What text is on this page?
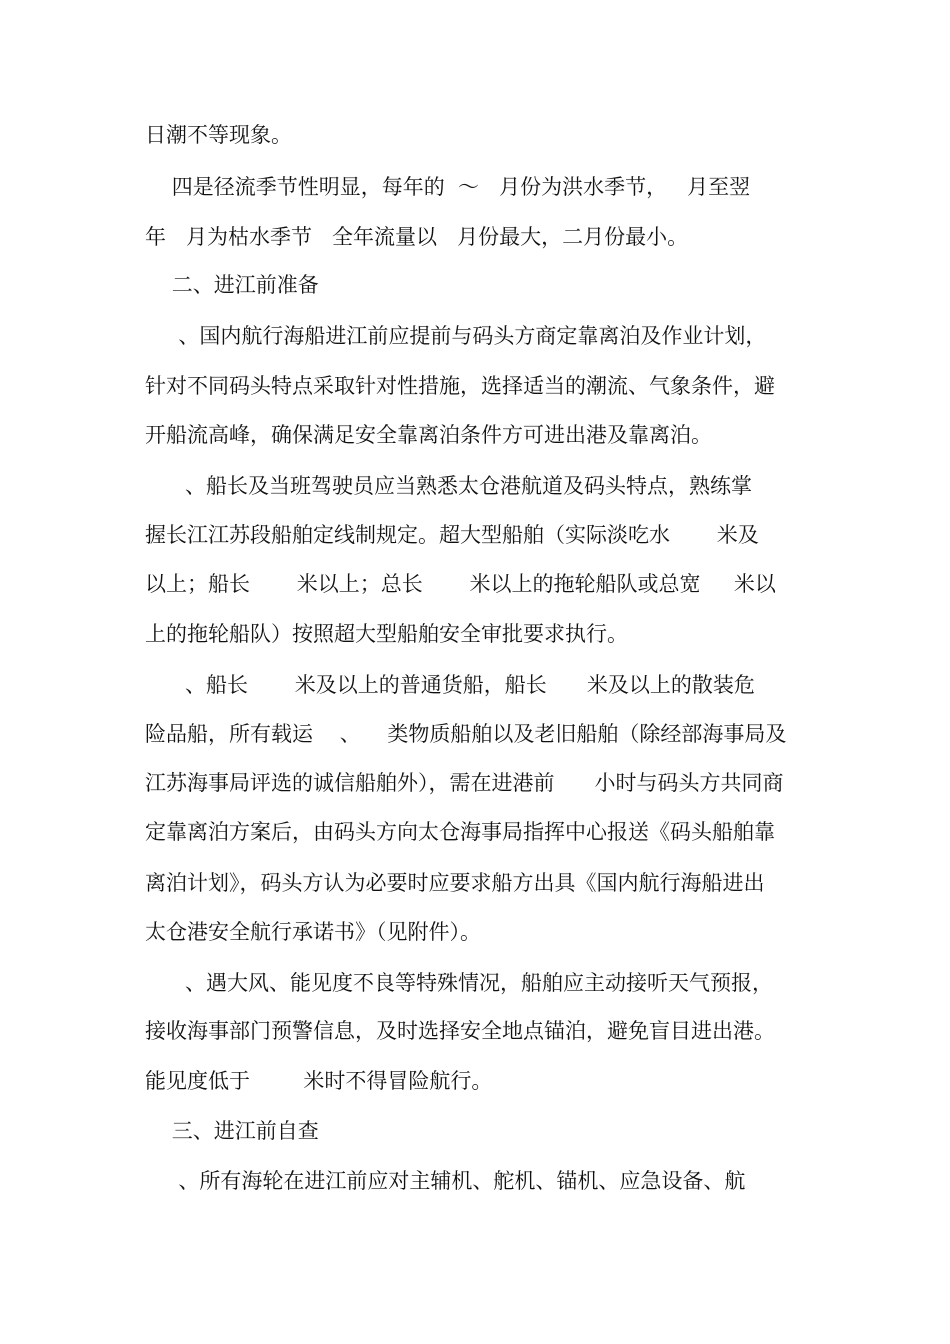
日潮不等现象。
四是径流季节性明显，每年的  ～   月份为洪水季节，   月至翌
年   月为枯水季节   全年流量以   月份最大，二月份最小。
二、进江前准备
、国内航行海船进江前应提前与码头方商定靠离泊及作业计划，
针对不同码头特点采取针对性措施，选择适当的潮流、气象条件，避
开船流高峰，确保满足安全靠离泊条件方可进出港及靠离泊。
、船长及当班驾驶员应当熟悉太仓港航道及码头特点，熟练掌
握长江江苏段船舶定线制规定。超大型船舶（实际淡吃水       米及
以上；船长       米以上；总长       米以上的拖轮船队或总宽     米以
上的拖轮船队）按照超大型船舶安全审批要求执行。
、船长       米及以上的普通货船，船长      米及以上的散装危
险品船，所有载运    、    类物质船舶以及老旧船舶（除经部海事局及
江苏海事局评选的诚信船舶外），需在进港前      小时与码头方共同商
定靠离泊方案后，由码头方向太仓海事局指挥中心报送《码头船舶靠
离泊计划》，码头方认为必要时应要求船方出具《国内航行海船进出
太仓港安全航行承诺书》（见附件）。
、遇大风、能见度不良等特殊情况，船舶应主动接听天气预报，
接收海事部门预警信息，及时选择安全地点锚泊，避免盲目进出港。
能见度低于        米时不得冒险航行。
三、进江前自查
、所有海轮在进江前应对主辅机、舵机、锚机、应急设备、航
